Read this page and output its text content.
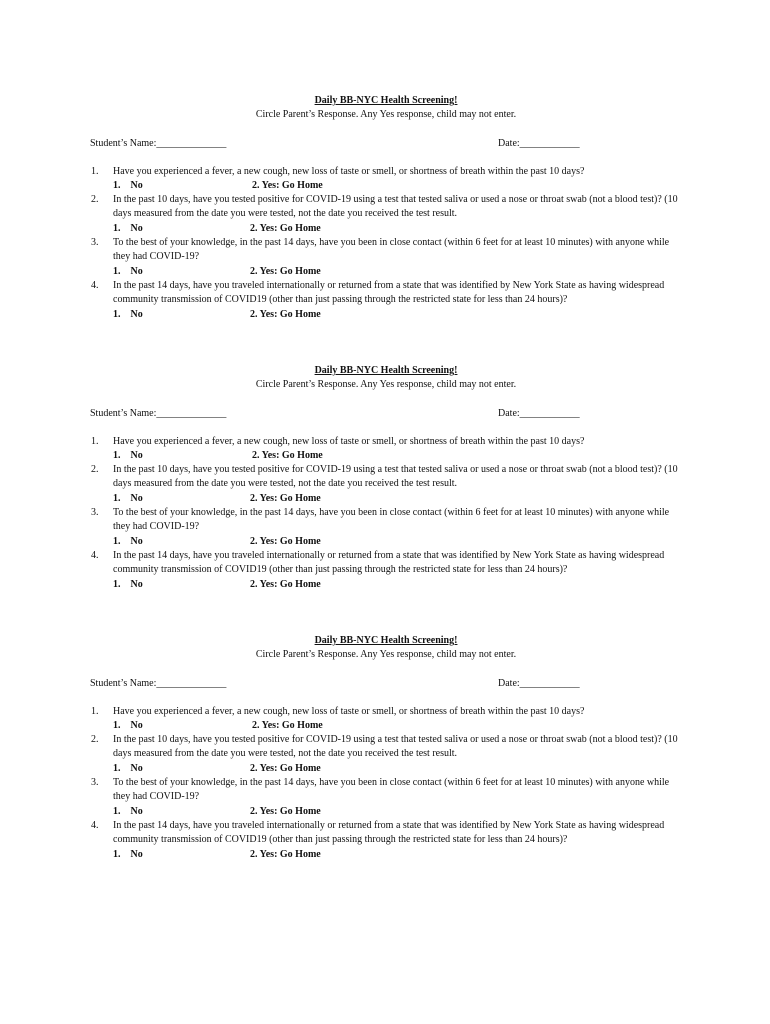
Daily BB-NYC Health Screening!

Circle Parent’s Response. Any Yes response, child may not enter.

Student’s Name:______________	Date:____________
1. Have you experienced a fever, a new cough, new loss of taste or smell, or shortness of breath within the past 10 days?
1.    No	2. Yes: Go Home
2. In the past 10 days, have you tested positive for COVID-19 using a test that tested saliva or used a nose or throat swab (not a blood test)? (10 days measured from the date you were tested, not the date you received the test result.
1.    No	2. Yes: Go Home
3. To the best of your knowledge, in the past 14 days, have you been in close contact (within 6 feet for at least 10 minutes) with anyone while they had COVID-19?
1.    No	2. Yes: Go Home
4. In the past 14 days, have you traveled internationally or returned from a state that was identified by New York State as having widespread community transmission of COVID19 (other than just passing through the restricted state for less than 24 hours)?
1.    No	2. Yes: Go Home

Daily BB-NYC Health Screening!

Circle Parent’s Response. Any Yes response, child may not enter.

Student’s Name:______________	Date:____________
1. Have you experienced a fever, a new cough, new loss of taste or smell, or shortness of breath within the past 10 days?
1.    No	2. Yes: Go Home
2. In the past 10 days, have you tested positive for COVID-19 using a test that tested saliva or used a nose or throat swab (not a blood test)? (10 days measured from the date you were tested, not the date you received the test result.
1.    No	2. Yes: Go Home
3. To the best of your knowledge, in the past 14 days, have you been in close contact (within 6 feet for at least 10 minutes) with anyone while they had COVID-19?
1.    No	2. Yes: Go Home
4. In the past 14 days, have you traveled internationally or returned from a state that was identified by New York State as having widespread community transmission of COVID19 (other than just passing through the restricted state for less than 24 hours)?
1.    No	2. Yes: Go Home

Daily BB-NYC Health Screening!

Circle Parent’s Response. Any Yes response, child may not enter.

Student’s Name:______________	Date:____________
1. Have you experienced a fever, a new cough, new loss of taste or smell, or shortness of breath within the past 10 days?
1.    No	2. Yes: Go Home
2. In the past 10 days, have you tested positive for COVID-19 using a test that tested saliva or used a nose or throat swab (not a blood test)? (10 days measured from the date you were tested, not the date you received the test result.
1.    No	2. Yes: Go Home
3. To the best of your knowledge, in the past 14 days, have you been in close contact (within 6 feet for at least 10 minutes) with anyone while they had COVID-19?
1.    No	2. Yes: Go Home
4. In the past 14 days, have you traveled internationally or returned from a state that was identified by New York State as having widespread community transmission of COVID19 (other than just passing through the restricted state for less than 24 hours)?
1.    No	2. Yes: Go Home
